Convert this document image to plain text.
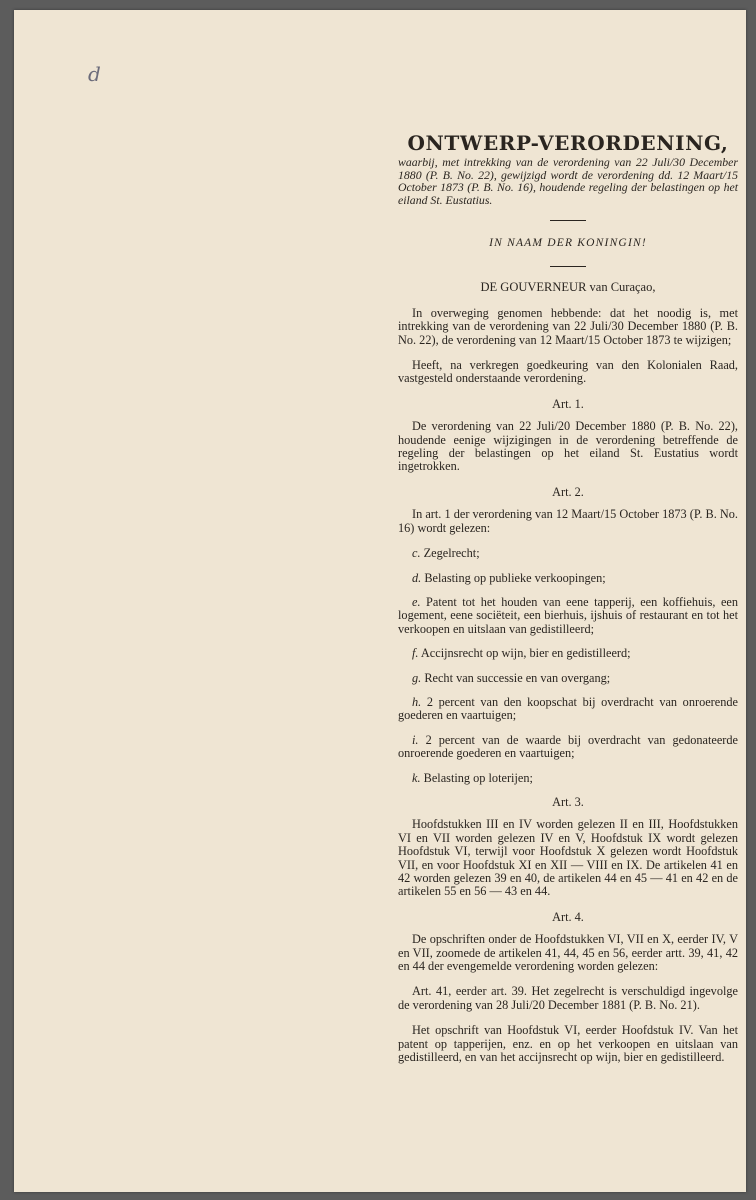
d
ONTWERP-VERORDENING,

waarbij, met intrekking van de verordening van 22 Juli/30 December 1880 (P. B. No. 22), gewijzigd wordt de verordening dd. 12 Maart/15 October 1873 (P. B. No. 16), houdende regeling der belastingen op het eiland St. Eustatius.

IN NAAM DER KONINGIN!

DE GOUVERNEUR van Curaçao,

In overweging genomen hebbende: dat het noodig is, met intrekking van de verordening van 22 Juli/30 December 1880 (P. B. No. 22), de verordening van 12 Maart/15 October 1873 te wijzigen;

Heeft, na verkregen goedkeuring van den Kolonialen Raad, vastgesteld onderstaande verordening.

Art. 1.

De verordening van 22 Juli/20 December 1880 (P. B. No. 22), houdende eenige wijzigingen in de verordening betreffende de regeling der belastingen op het eiland St. Eustatius wordt ingetrokken.

Art. 2.

In art. 1 der verordening van 12 Maart/15 October 1873 (P. B. No. 16) wordt gelezen:

c. Zegelrecht;

d. Belasting op publieke verkoopingen;

e. Patent tot het houden van eene tapperij, een koffiehuis, een logement, eene sociëteit, een bierhuis, ijshuis of restaurant en tot het verkoopen en uitslaan van gedistilleerd;

f. Accijnsrecht op wijn, bier en gedistilleerd;

g. Recht van successie en van overgang;

h. 2 percent van den koopschat bij overdracht van onroerende goederen en vaartuigen;

i. 2 percent van de waarde bij overdracht van gedonateerde onroerende goederen en vaartuigen;

k. Belasting op loterijen;

Art. 3.

Hoofdstukken III en IV worden gelezen II en III, Hoofdstukken VI en VII worden gelezen IV en V, Hoofdstuk IX wordt gelezen Hoofdstuk VI, terwijl voor Hoofdstuk X gelezen wordt Hoofdstuk VII, en voor Hoofdstuk XI en XII — VIII en IX. De artikelen 41 en 42 worden gelezen 39 en 40, de artikelen 44 en 45 — 41 en 42 en de artikelen 55 en 56 — 43 en 44.

Art. 4.

De opschriften onder de Hoofdstukken VI, VII en X, eerder IV, V en VII, zoomede de artikelen 41, 44, 45 en 56, eerder artt. 39, 41, 42 en 44 der evengemelde verordening worden gelezen:

Art. 41, eerder art. 39. Het zegelrecht is verschuldigd ingevolge de verordening van 28 Juli/20 December 1881 (P. B. No. 21).

Het opschrift van Hoofdstuk VI, eerder Hoofdstuk IV. Van het patent op tapperijen, enz. en op het verkoopen en uitslaan van gedistilleerd, en van het accijnsrecht op wijn, bier en gedistilleerd.
